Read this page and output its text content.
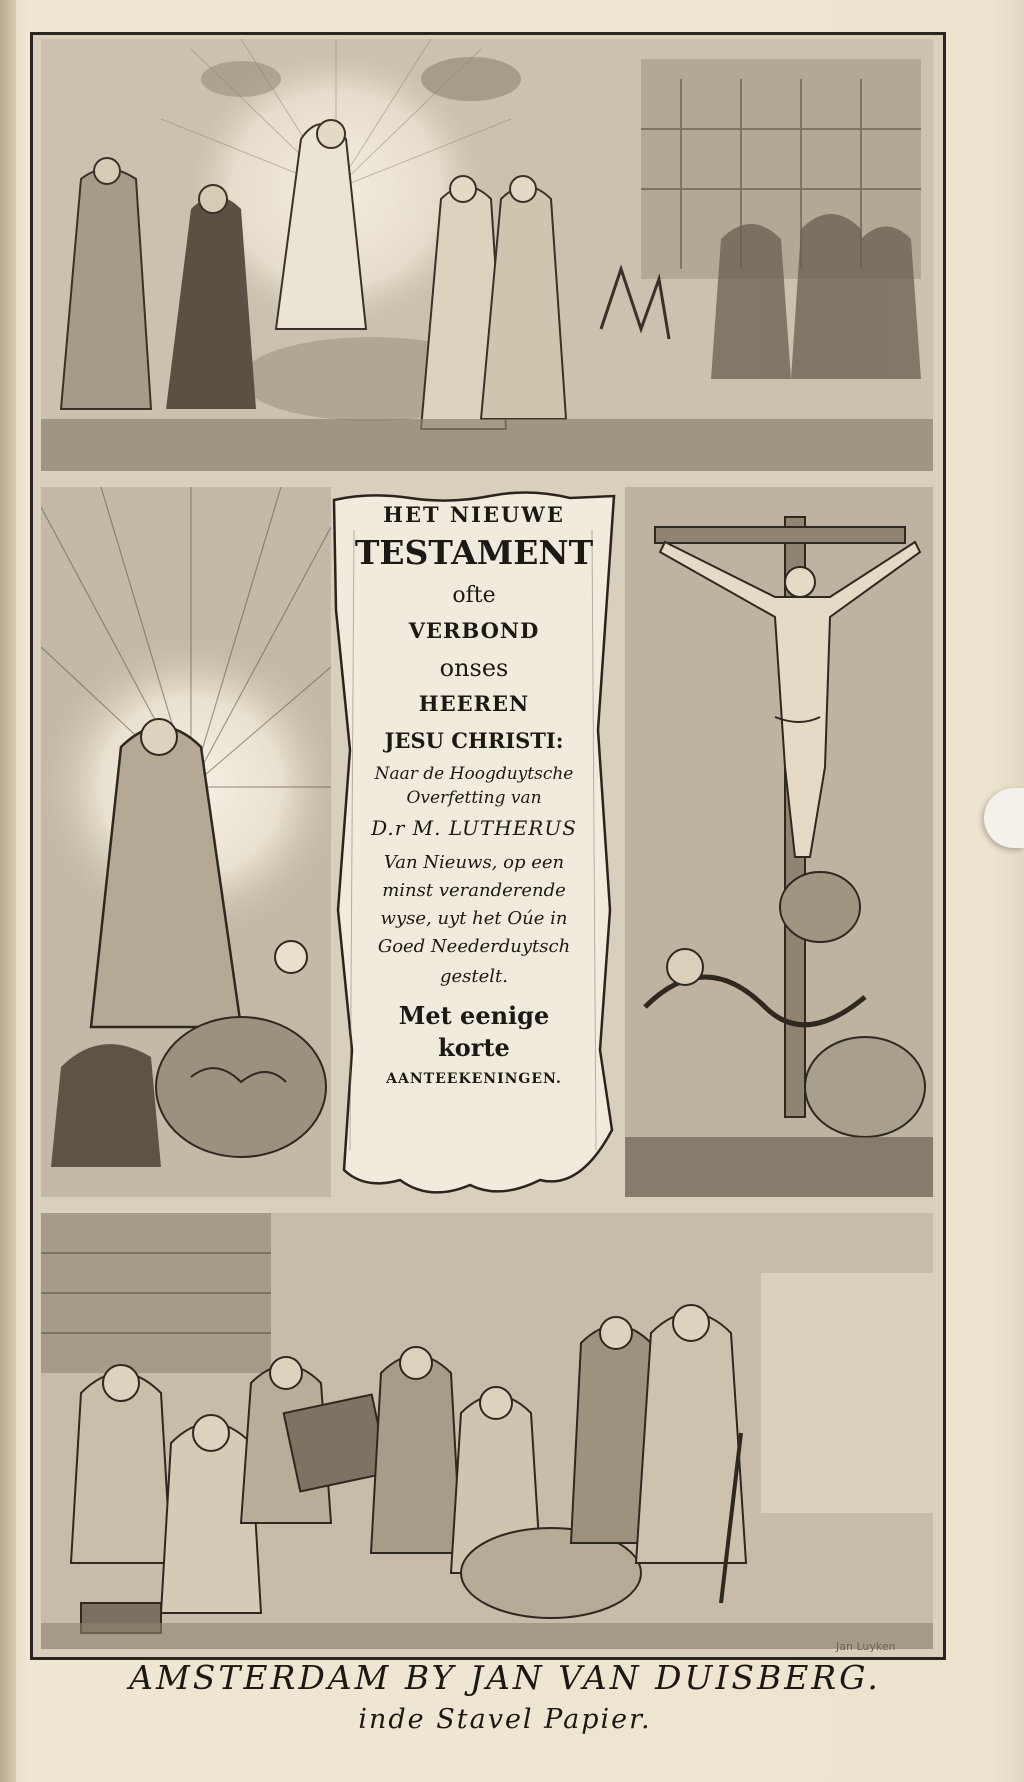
HET NIEUWE
TESTAMENT
ofte
VERBOND
onses
HEEREN
JESU CHRISTI:
Naar de Hoogduytsche
Overfetting van
D.r M. LUTHERUS
Van Nieuws, op een
minst veranderende
wyse, uyt het Oúe in
Goed Neederduytsch
gestelt.
Met eenige
korte
AANTEEKENINGEN.
Jan Luyken
AMSTERDAM BY JAN VAN DUISBERG.
inde Stavel Papier.
